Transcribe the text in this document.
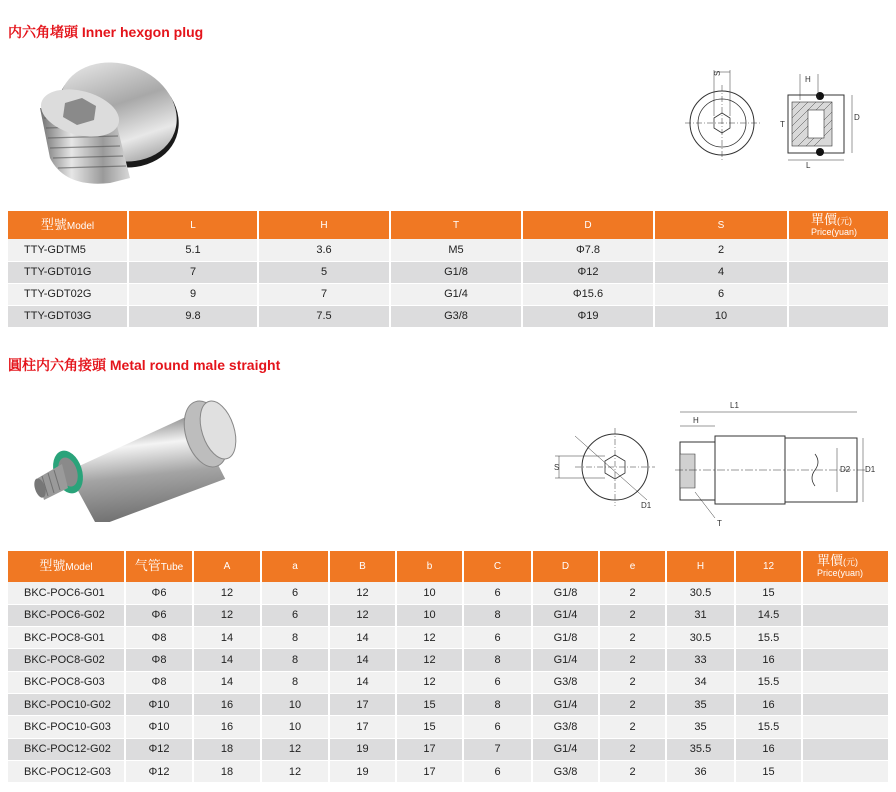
内六角堵頭 Inner hexgon plug
S
H
D
T
L
型號Model	L	H	T	D	S	單價(元)
Price(yuan)

TTY-GDTM5	5.1	3.6	M5	Φ7.8	2	
TTY-GDT01G	7	5	G1/8	Φ12	4	
TTY-GDT02G	9	7	G1/4	Φ15.6	6	
TTY-GDT03G	9.8	7.5	G3/8	Φ19	10	
圓柱内六角接頭 Metal round male straight
S
D1
L1
H
D2 D1
T
型號Model	气管Tube	A	a	B	b	C	D	e	H	12	單價(元)
Price(yuan)

BKC-POC6-G01	Φ6	12	6	12	10	6	G1/8	2	30.5	15	
BKC-POC6-G02	Φ6	12	6	12	10	8	G1/4	2	31	14.5	
BKC-POC8-G01	Φ8	14	8	14	12	6	G1/8	2	30.5	15.5	
BKC-POC8-G02	Φ8	14	8	14	12	8	G1/4	2	33	16	
BKC-POC8-G03	Φ8	14	8	14	12	6	G3/8	2	34	15.5	
BKC-POC10-G02	Φ10	16	10	17	15	8	G1/4	2	35	16	
BKC-POC10-G03	Φ10	16	10	17	15	6	G3/8	2	35	15.5	
BKC-POC12-G02	Φ12	18	12	19	17	7	G1/4	2	35.5	16	
BKC-POC12-G03	Φ12	18	12	19	17	6	G3/8	2	36	15	
